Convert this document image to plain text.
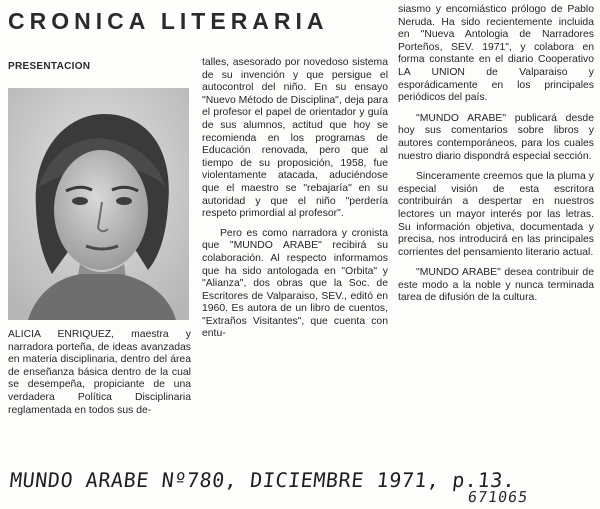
CRONICA LITERARIA
PRESENTACION

ALICIA ENRIQUEZ, maestra y narradora porteña, de ideas avanzadas en materia disciplinaria, dentro del área de enseñanza básica dentro de la cual se desempeña, propiciante de una verdadera Política Disciplinaria reglamentada en todos sus de-

talles, asesorado por novedoso sistema de su invención y que persigue el autocontrol del niño. En su ensayo "Nuevo Método de Disciplina", deja para el profesor el papel de orientador y guía de sus alumnos, actitud que hoy se recomienda en los programas de Educación renovada, pero que al tiempo de su proposición, 1958, fue violentamente atacada, aduciéndose que el maestro se "rebajaría" en su autoridad y que el niño "perdería respeto primordial al profesor".

Pero es como narradora y cronista que "MUNDO ARABE" recibirá su colaboración. Al respecto informamos que ha sido antologada en "Orbita" y "Alianza", dos obras que la Soc. de Escritores de Valparaiso, SEV., editó en 1960. Es autora de un libro de cuentos, "Extraños Visitantes", que cuenta con entu-

siasmo y encomiástico prólogo de Pablo Neruda. Ha sido recientemente incluida en "Nueva Antologia de Narradores Porteños, SEV. 1971", y colabora en forma constante en el diario Cooperativo LA UNION de Valparaiso y esporádicamente en los principales periódicos del país.

"MUNDO ARABE" publicará desde hoy sus comentarios sobre libros y autores contemporáneos, para los cuales nuestro diario dispondrá especial sección.

Sinceramente creemos que la pluma y especial visión de esta escritora contribuirán a despertar en nuestros lectores un mayor interés por las letras. Su información objetiva, documentada y precisa, nos introducirá en las principales corrientes del pensamiento literario actual.

"MUNDO ARABE" desea contribuir de este modo a la noble y nunca terminada tarea de difusión de la cultura.

MUNDO ARABE Nº780, DICIEMBRE 1971, p.13.
671065
